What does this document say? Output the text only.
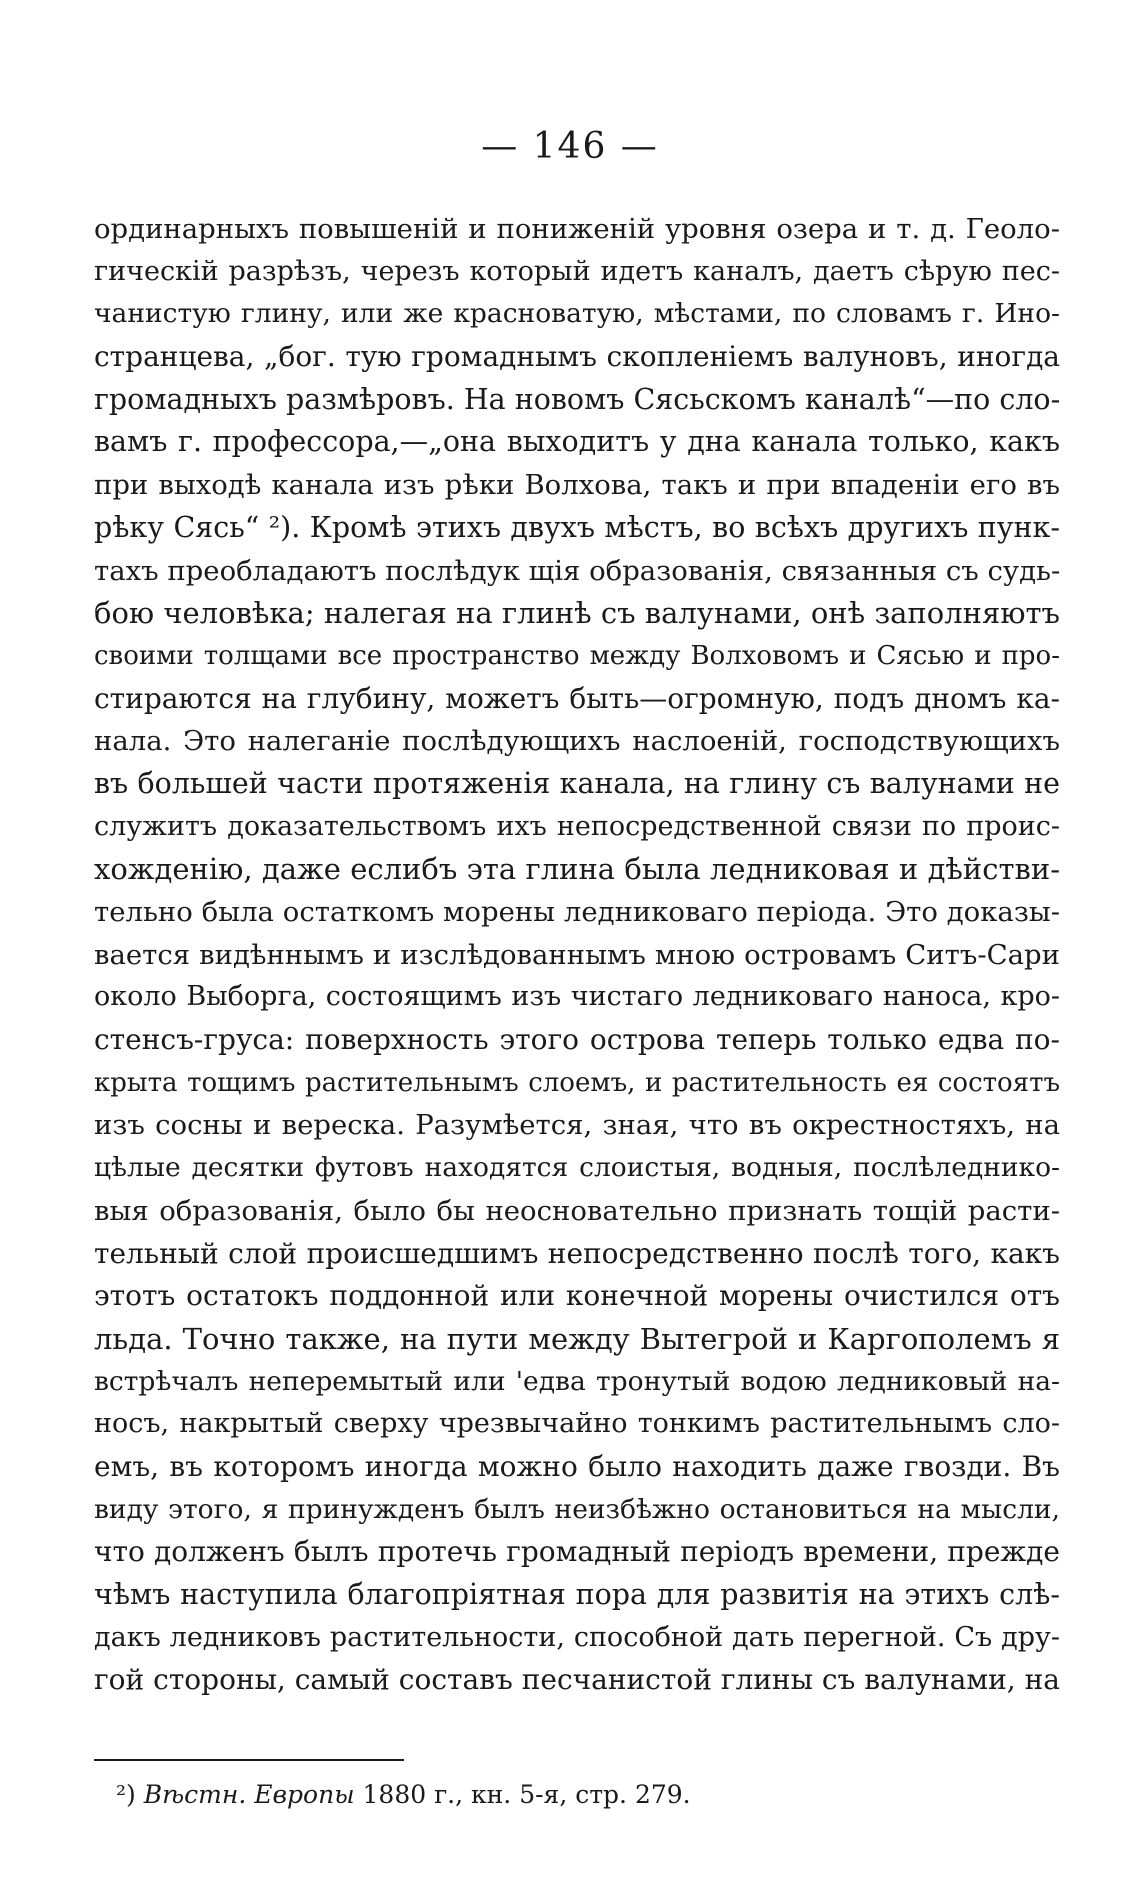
— 146 —
ординарныхъ повышеній и пониженій уровня озера и т. д. Геоло-
гическій разрѣзъ, черезъ который идетъ каналъ, даетъ сѣрую пес-
чанистую глину, или же красноватую, мѣстами, по словамъ г. Ино-
странцева, „бог. тую громаднымъ скопленіемъ валуновъ, иногда
громадныхъ размѣровъ. На новомъ Сясьскомъ каналѣ“—по сло-
вамъ г. профессора,—„она выходитъ у дна канала только, какъ
при выходѣ канала изъ рѣки Волхова, такъ и при впаденіи его въ
рѣку Сясь“ ²). Кромѣ этихъ двухъ мѣстъ, во всѣхъ другихъ пунк-
тахъ преобладаютъ послѣдук щія образованія, связанныя съ судь-
бою человѣка; налегая на глинѣ съ валунами, онѣ заполняютъ
своими толщами все пространство между Волховомъ и Сясью и про-
стираются на глубину, можетъ быть—огромную, подъ дномъ ка-
нала. Это налеганіе послѣдующихъ наслоеній, господствующихъ
въ большей части протяженія канала, на глину съ валунами не
служитъ доказательствомъ ихъ непосредственной связи по проис-
хожденію, даже еслибъ эта глина была ледниковая и дѣйстви-
тельно была остаткомъ морены ледниковаго періода. Это доказы-
вается видѣннымъ и изслѣдованнымъ мною островамъ Ситъ-Сари
около Выборга, состоящимъ изъ чистаго ледниковаго наноса, кро-
стенсъ-груса: поверхность этого острова теперь только едва по-
крыта тощимъ растительнымъ слоемъ, и растительность ея состоятъ
изъ сосны и вереска. Разумѣется, зная, что въ окрестностяхъ, на
цѣлые десятки футовъ находятся слоистыя, водныя, послѣледнико-
выя образованія, было бы неосновательно признать тощій расти-
тельный слой происшедшимъ непосредственно послѣ того, какъ
этотъ остатокъ поддонной или конечной морены очистился отъ
льда. Точно также, на пути между Вытегрой и Каргополемъ я
встрѣчалъ неперемытый или 'едва тронутый водою ледниковый на-
носъ, накрытый сверху чрезвычайно тонкимъ растительнымъ сло-
емъ, въ которомъ иногда можно было находить даже гвозди. Въ
виду этого, я принужденъ былъ неизбѣжно остановиться на мысли,
что долженъ былъ протечь громадный періодъ времени, прежде
чѣмъ наступила благопріятная пора для развитія на этихъ слѣ-
дакъ ледниковъ растительности, способной дать перегной. Съ дру-
гой стороны, самый составъ песчанистой глины съ валунами, на
²) Вѣстн. Европы 1880 г., кн. 5-я, стр. 279.
